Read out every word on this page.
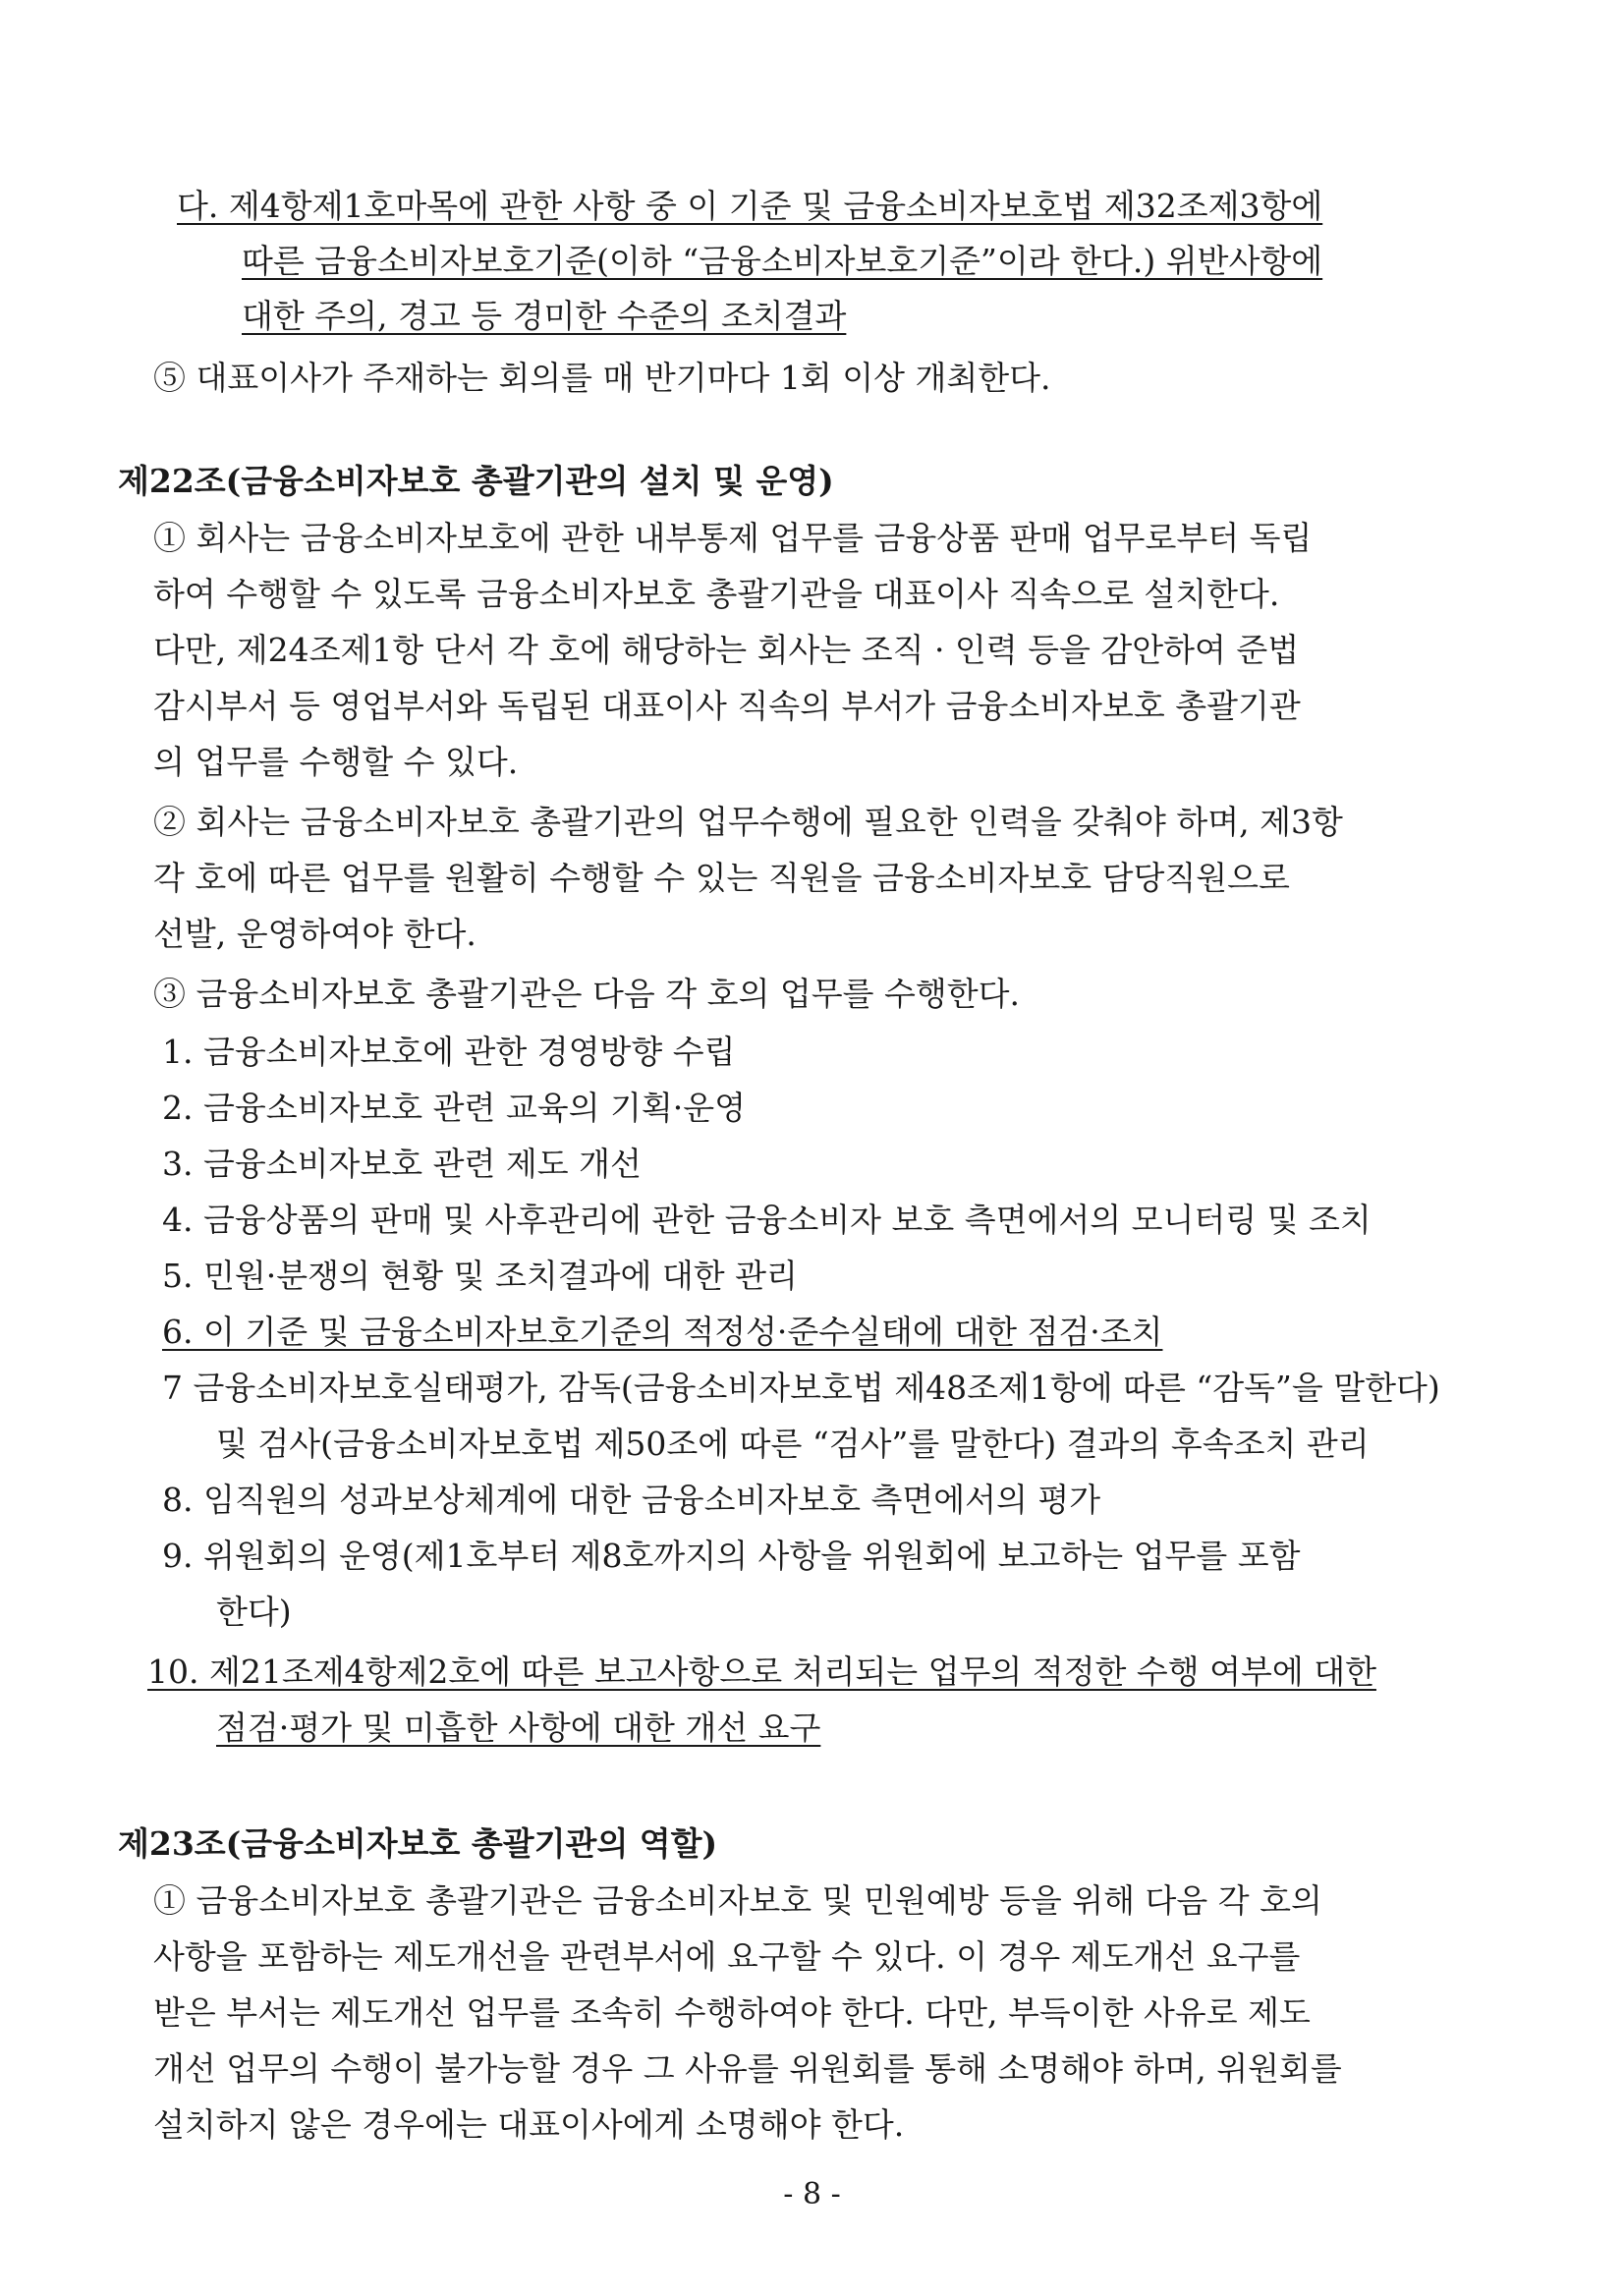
다. 제4항제1호마목에 관한 사항 중 이 기준 및 금융소비자보호법 제32조제3항에
따른 금융소비자보호기준(이하 “금융소비자보호기준”이라 한다.) 위반사항에
대한 주의, 경고 등 경미한 수준의 조치결과
⑤ 대표이사가 주재하는 회의를 매 반기마다 1회 이상 개최한다.
제22조(금융소비자보호 총괄기관의 설치 및 운영)
① 회사는 금융소비자보호에 관한 내부통제 업무를 금융상품 판매 업무로부터 독립
하여 수행할 수 있도록 금융소비자보호 총괄기관을 대표이사 직속으로 설치한다.
다만, 제24조제1항 단서 각 호에 해당하는 회사는 조직 · 인력 등을 감안하여 준법
감시부서 등 영업부서와 독립된 대표이사 직속의 부서가 금융소비자보호 총괄기관
의 업무를 수행할 수 있다.
② 회사는 금융소비자보호 총괄기관의 업무수행에 필요한 인력을 갖춰야 하며, 제3항
각 호에 따른 업무를 원활히 수행할 수 있는 직원을 금융소비자보호 담당직원으로
선발, 운영하여야 한다.
③ 금융소비자보호 총괄기관은 다음 각 호의 업무를 수행한다.
1. 금융소비자보호에 관한 경영방향 수립
2. 금융소비자보호 관련 교육의 기획·운영
3. 금융소비자보호 관련 제도 개선
4. 금융상품의 판매 및 사후관리에 관한 금융소비자 보호 측면에서의 모니터링 및 조치
5. 민원·분쟁의 현황 및 조치결과에 대한 관리
6. 이 기준 및 금융소비자보호기준의 적정성·준수실태에 대한 점검·조치
7 금융소비자보호실태평가, 감독(금융소비자보호법 제48조제1항에 따른 “감독”을 말한다)
및 검사(금융소비자보호법 제50조에 따른 “검사”를 말한다) 결과의 후속조치 관리
8. 임직원의 성과보상체계에 대한 금융소비자보호 측면에서의 평가
9. 위원회의 운영(제1호부터 제8호까지의 사항을 위원회에 보고하는 업무를 포함
한다)
10. 제21조제4항제2호에 따른 보고사항으로 처리되는 업무의 적정한 수행 여부에 대한
점검·평가 및 미흡한 사항에 대한 개선 요구
제23조(금융소비자보호 총괄기관의 역할)
① 금융소비자보호 총괄기관은 금융소비자보호 및 민원예방 등을 위해 다음 각 호의
사항을 포함하는 제도개선을 관련부서에 요구할 수 있다. 이 경우 제도개선 요구를
받은 부서는 제도개선 업무를 조속히 수행하여야 한다. 다만, 부득이한 사유로 제도
개선 업무의 수행이 불가능할 경우 그 사유를 위원회를 통해 소명해야 하며, 위원회를
설치하지 않은 경우에는 대표이사에게 소명해야 한다.
- 8 -
